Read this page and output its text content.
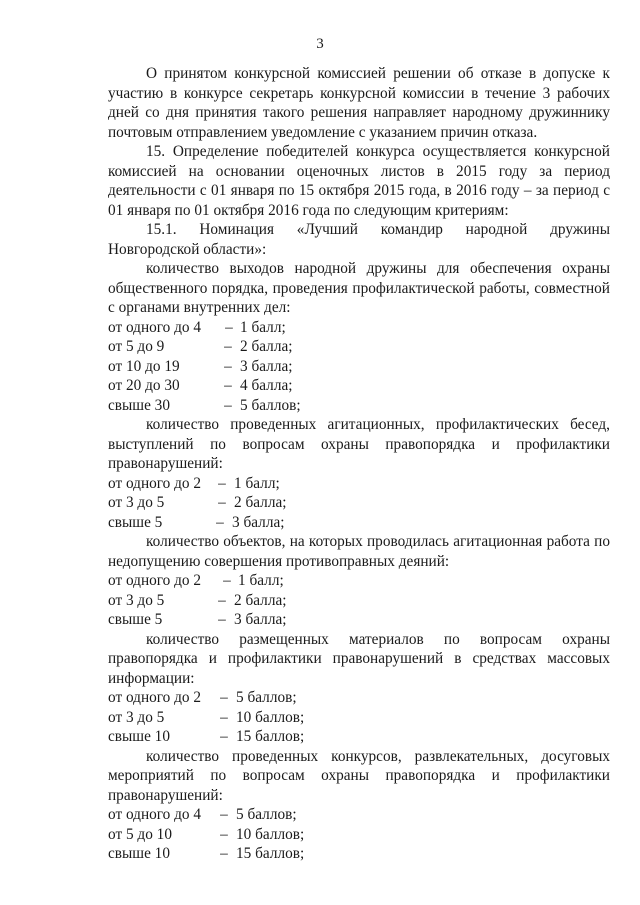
3

О принятом конкурсной комиссией решении об отказе в допуске к участию в конкурсе секретарь конкурсной комиссии в течение 3 рабочих дней со дня принятия такого решения направляет народному дружиннику почтовым отправлением уведомление с указанием причин отказа.

15. Определение победителей конкурса осуществляется конкурсной комиссией на основании оценочных листов в 2015 году за период деятельности с 01 января по 15 октября 2015 года, в 2016 году – за период с 01 января по 01 октября 2016 года по следующим критериям:

15.1. Номинация «Лучший командир народной дружины Новгородской области»:

количество выходов народной дружины для обеспечения охраны общественного порядка, проведения профилактической работы, совместной с органами внутренних дел:

от одного до 4	– 1 балл;
от 5 до 9	– 2 балла;
от 10 до 19	– 3 балла;
от 20 до 30	– 4 балла;
свыше 30	– 5 баллов;

количество проведенных агитационных, профилактических бесед, выступлений по вопросам охраны правопорядка и профилактики правонарушений:

от одного до 2	– 1 балл;
от 3 до 5	– 2 балла;
свыше 5	– 3 балла;

количество объектов, на которых проводилась агитационная работа по недопущению совершения противоправных деяний:

от одного до 2	– 1 балл;
от 3 до 5	– 2 балла;
свыше 5	– 3 балла;

количество размещенных материалов по вопросам охраны правопорядка и профилактики правонарушений в средствах массовых информации:

от одного до 2	– 5 баллов;
от 3 до 5	– 10 баллов;
свыше 10	– 15 баллов;

количество проведенных конкурсов, развлекательных, досуговых мероприятий по вопросам охраны правопорядка и профилактики правонарушений:

от одного до 4	– 5 баллов;
от 5 до 10	– 10 баллов;
свыше 10	– 15 баллов;
